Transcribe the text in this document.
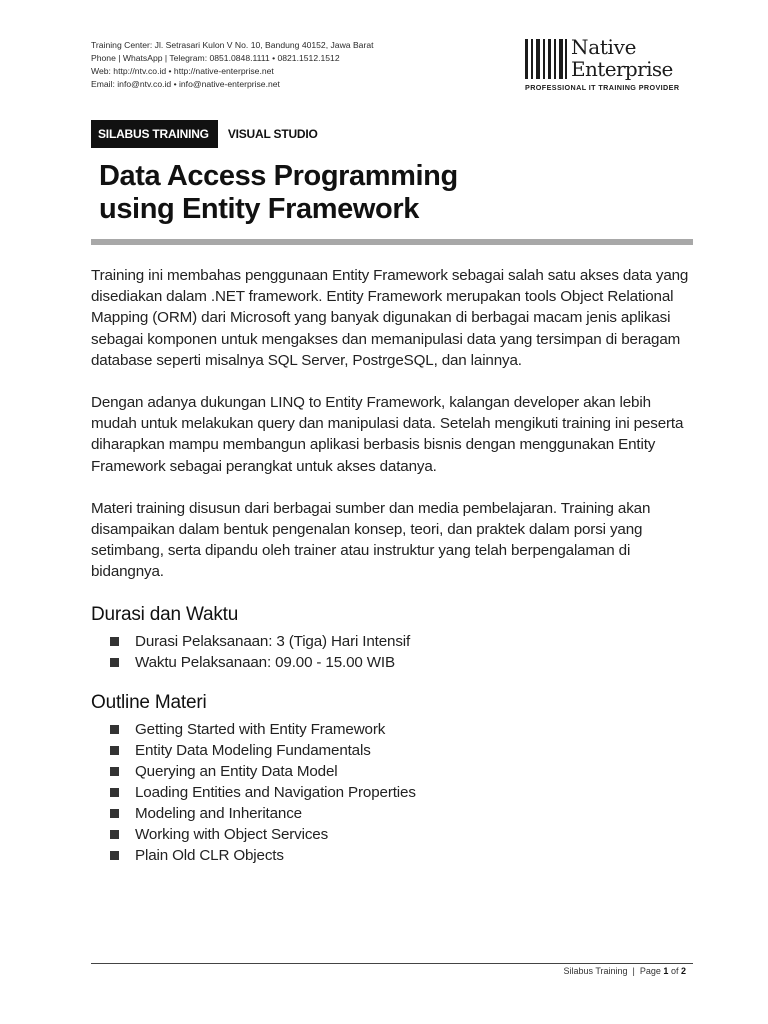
Training Center: Jl. Setrasari Kulon V No. 10, Bandung 40152, Jawa Barat
Phone | WhatsApp | Telegram: 0851.0848.1111 • 0821.1512.1512
Web: http://ntv.co.id • http://native-enterprise.net
Email: info@ntv.co.id • info@native-enterprise.net
Native
Enterprise
PROFESSIONAL IT TRAINING PROVIDER
SILABUS TRAINING	VISUAL STUDIO
Data Access Programming
using Entity Framework

Training ini membahas penggunaan Entity Framework sebagai salah satu akses data yang disediakan dalam .NET framework. Entity Framework merupakan tools Object Relational Mapping (ORM) dari Microsoft yang banyak digunakan di berbagai macam jenis aplikasi sebagai komponen untuk mengakses dan memanipulasi data yang tersimpan di beragam database seperti misalnya SQL Server, PostrgeSQL, dan lainnya.

Dengan adanya dukungan LINQ to Entity Framework, kalangan developer akan lebih mudah untuk melakukan query dan manipulasi data. Setelah mengikuti training ini peserta diharapkan mampu membangun aplikasi berbasis bisnis dengan menggunakan Entity Framework sebagai perangkat untuk akses datanya.

Materi training disusun dari berbagai sumber dan media pembelajaran. Training akan disampaikan dalam bentuk pengenalan konsep, teori, dan praktek dalam porsi yang setimbang, serta dipandu oleh trainer atau instruktur yang telah berpengalaman di bidangnya.

Durasi dan Waktu
Durasi Pelaksanaan: 3 (Tiga) Hari Intensif
Waktu Pelaksanaan: 09.00 - 15.00 WIB
Outline Materi
Getting Started with Entity Framework
Entity Data Modeling Fundamentals
Querying an Entity Data Model
Loading Entities and Navigation Properties
Modeling and Inheritance
Working with Object Services
Plain Old CLR Objects
Silabus Training  |  Page 1 of 2
